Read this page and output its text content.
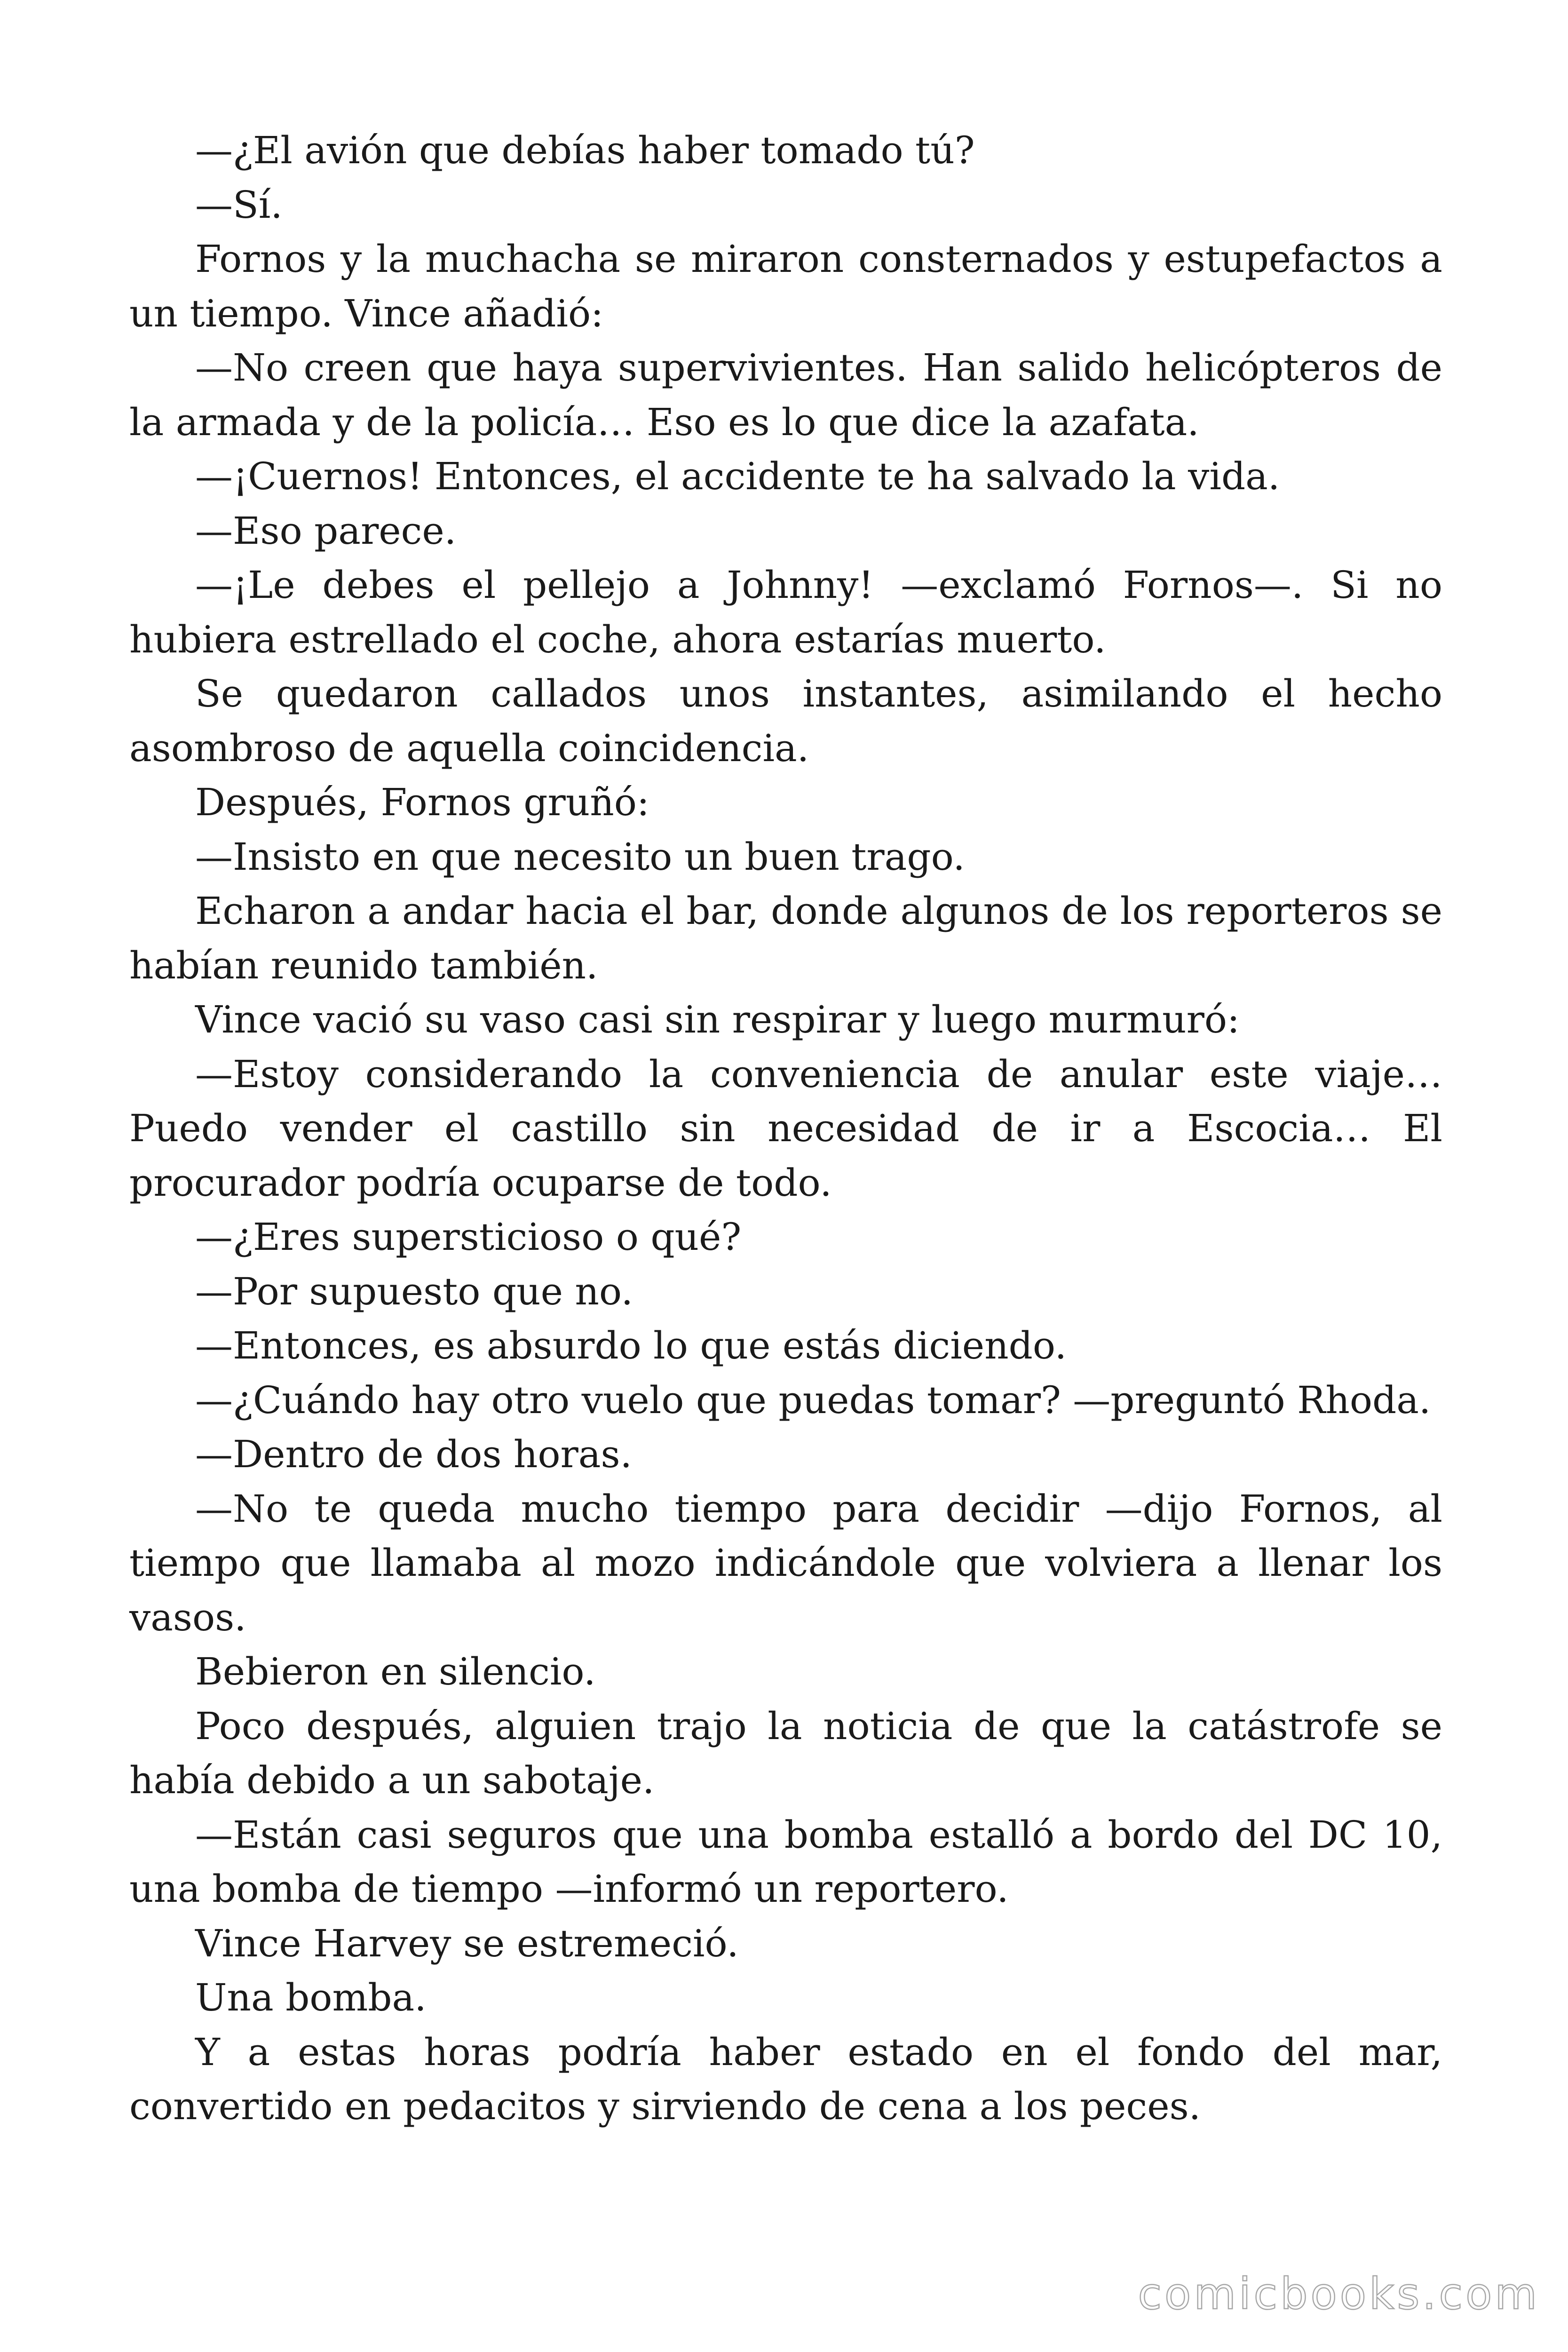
—¿El avión que debías haber tomado tú?

—Sí.

Fornos y la muchacha se miraron consternados y estupefactos a un tiempo. Vince añadió:

—No creen que haya supervivientes. Han salido helicópteros de la armada y de la policía… Eso es lo que dice la azafata.

—¡Cuernos! Entonces, el accidente te ha salvado la vida.

—Eso parece.

—¡Le debes el pellejo a Johnny! —exclamó Fornos—. Si no hubiera estrellado el coche, ahora estarías muerto.

Se quedaron callados unos instantes, asimilando el hecho asombroso de aquella coincidencia.

Después, Fornos gruñó:

—Insisto en que necesito un buen trago.

Echaron a andar hacia el bar, donde algunos de los reporteros se habían reunido también.

Vince vació su vaso casi sin respirar y luego murmuró:

—Estoy considerando la conveniencia de anular este viaje… Puedo vender el castillo sin necesidad de ir a Escocia… El procurador podría ocuparse de todo.

—¿Eres supersticioso o qué?

—Por supuesto que no.

—Entonces, es absurdo lo que estás diciendo.

—¿Cuándo hay otro vuelo que puedas tomar? —preguntó Rhoda.

—Dentro de dos horas.

—No te queda mucho tiempo para decidir —dijo Fornos, al tiempo que llamaba al mozo indicándole que volviera a llenar los vasos.

Bebieron en silencio.

Poco después, alguien trajo la noticia de que la catástrofe se había debido a un sabotaje.

—Están casi seguros que una bomba estalló a bordo del DC 10, una bomba de tiempo —informó un reportero.

Vince Harvey se estremeció.

Una bomba.

Y a estas horas podría haber estado en el fondo del mar, convertido en pedacitos y sirviendo de cena a los peces.

comicbooks.com
